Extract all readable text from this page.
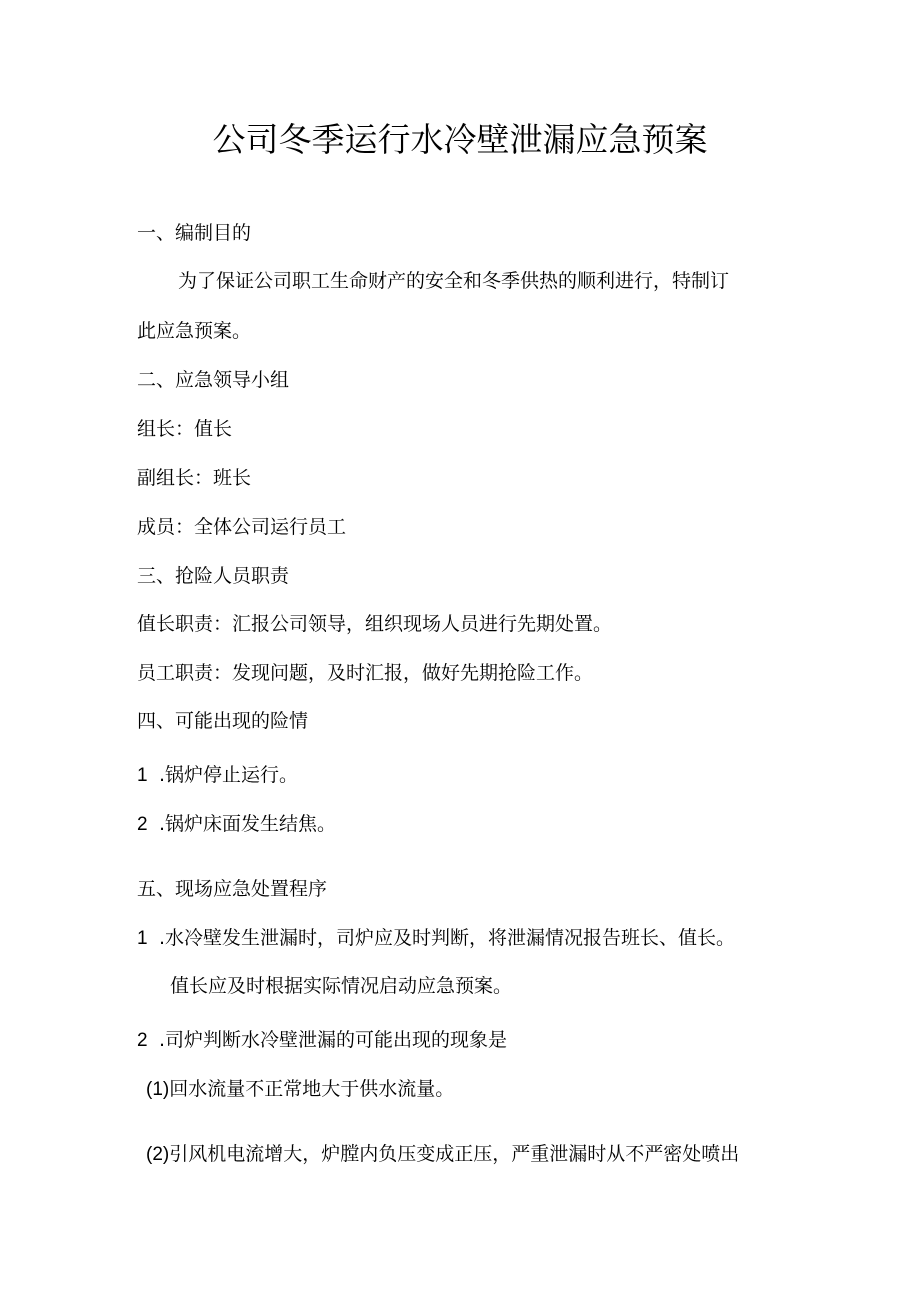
公司冬季运行水冷壁泄漏应急预案
一、编制目的
为了保证公司职工生命财产的安全和冬季供热的顺利进行，特制订
此应急预案。
二、应急领导小组
组长：值长
副组长：班长
成员：全体公司运行员工
三、抢险人员职责
值长职责：汇报公司领导，组织现场人员进行先期处置。
员工职责：发现问题，及时汇报，做好先期抢险工作。
四、可能出现的险情
1 .锅炉停止运行。
2 .锅炉床面发生结焦。
五、现场应急处置程序
1 .水冷壁发生泄漏时，司炉应及时判断，将泄漏情况报告班长、值长。
值长应及时根据实际情况启动应急预案。
2 .司炉判断水冷壁泄漏的可能出现的现象是
(1)回水流量不正常地大于供水流量。
(2)引风机电流增大，炉膛内负压变成正压，严重泄漏时从不严密处喷出
